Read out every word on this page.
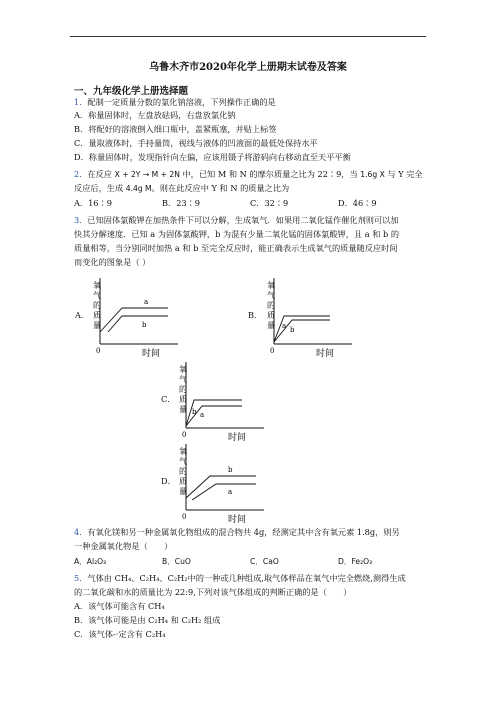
乌鲁木齐市2020年化学上册期末试卷及答案
一、九年级化学上册选择题
1．配制一定质量分数的氯化钠溶液，下列操作正确的是
A．称量固体时，左盘放砝码，右盘放氯化钠
B．将配好的溶液倒入细口瓶中，盖紧瓶塞，并贴上标签
C．量取液体时，手持量筒，视线与液体的凹液面的最低处保持水平
D．称量固体时，发现指针向左偏，应该用镊子将游码向右移动直至天平平衡
2．在反应 X + 2Y → M + 2N 中，已知 M 和 N 的摩尔质量之比为 22∶9，当 1.6g X 与 Y 完全
反应后，生成 4.4g M。则在此反应中 Y 和 N 的质量之比为
A．16∶9	B．23∶9	C．32∶9	D．46∶9
3．已知固体氯酸钾在加热条件下可以分解，生成氧气．如果用二氧化锰作催化剂则可以加
快其分解速度．已知 a 为固体氯酸钾，b 为混有少量二氧化锰的固体氯酸钾，且 a 和 b 的
质量相等，当分别同时加热 a 和 b 至完全反应时，能正确表示生成氧气的质量随反应时间
而变化的图象是（ ）
A．
氧
气
的
质
量
0	时间
a
b
B．
氧
气
的
质
量
0	时间
a b
C．
氧
气
的
质
量
0	时间
b a
D．
氧
气
的
质
量
0	时间
b
a
4．有氧化镁和另一种金属氧化物组成的混合物共 4g，经测定其中含有氧元素 1.8g，则另
一种金属氧化物是（　　）
A．Al₂O₃	B．CuO	C．CaO	D．Fe₂O₃
5．气体由 CH₄、C₂H₄、C₂H₂中的一种或几种组成,取气体样品在氧气中完全燃烧,测得生成
的二氧化碳和水的质量比为 22:9,下列对该气体组成的判断正确的是（　　）
A．该气体可能含有 CH₄
B．该气体可能是由 C₂H₄ 和 C₂H₂ 组成
C．该气体-·定含有 C₂H₄
